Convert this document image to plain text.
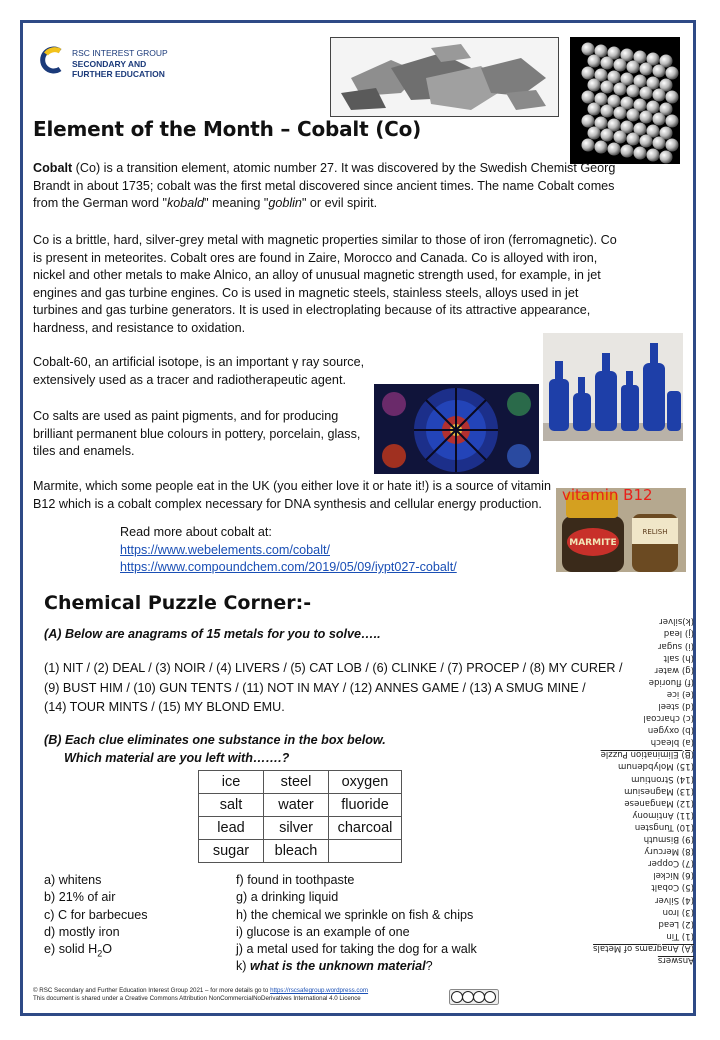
RSC INTEREST GROUP
SECONDARY AND
FURTHER EDUCATION
Element of the Month – Cobalt (Co)

Cobalt (Co) is a transition element, atomic number 27. It was discovered by the Swedish Chemist Georg Brandt in about 1735; cobalt was the first metal discovered since ancient times. The name Cobalt comes from the German word "kobald" meaning "goblin" or evil spirit.

Co is a brittle, hard, silver-grey metal with magnetic properties similar to those of iron (ferromagnetic). Co is present in meteorites. Cobalt ores are found in Zaire, Morocco and Canada. Co is alloyed with iron, nickel and other metals to make Alnico, an alloy of unusual magnetic strength used, for example, in jet engines and gas turbine engines. Co is used in magnetic steels, stainless steels, alloys used in jet turbines and gas turbine generators. It is used in electroplating because of its attractive appearance, hardness, and resistance to oxidation.

Cobalt-60, an artificial isotope, is an important γ ray source, extensively used as a tracer and radiotherapeutic agent.

Co salts are used as paint pigments, and for producing brilliant permanent blue colours in pottery, porcelain, glass, tiles and enamels.

Marmite, which some people eat in the UK (you either love it or hate it!) is a source of vitamin B12 which is a cobalt complex necessary for DNA synthesis and cellular energy production.

MARMITE
RELISH
vitamin B12
Read more about cobalt at:
https://www.webelements.com/cobalt/
https://www.compoundchem.com/2019/05/09/iypt027-cobalt/
Chemical Puzzle Corner:-
(A) Below are anagrams of 15 metals for you to solve…..
(1) NIT / (2) DEAL / (3) NOIR / (4) LIVERS / (5) CAT LOB / (6) CLINKE / (7) PROCEP / (8) MY CURER /
(9) BUST HIM / (10) GUN TENTS / (11) NOT IN MAY / (12) ANNES GAME / (13) A SMUG MINE /
(14) TOUR MINTS / (15) MY BLOND EMU.
(B) Each clue eliminates one substance in the box below.
Which material are you left with…….?
ice	steel	oxygen
salt	water	fluoride
lead	silver	charcoal
sugar	bleach	
a) whitens
b) 21% of air
c) C for barbecues
d) mostly iron
e) solid $H_2O$
f) found in toothpaste
g) a drinking liquid
h) the chemical we sprinkle on fish & chips
i) glucose is an example of one
j) a metal used for taking the dog for a walk
k) what is the unknown material?	Answers
(A) Anagrams of Metals
(1) Tin
(2) Lead
(3) Iron
(4) Silver
(5) Cobalt
(6) Nickel
(7) Copper
(8) Mercury
(9) Bismuth
(10) Tungsten
(11) Antimony
(12) Manganese
(13) Magnesium
(14) Strontium
(15) Molybdenum
(B) Elimination Puzzle
(a) bleach
(b) oxygen
(c) charcoal
(d) steel
(e) ice
(f) fluoride
(g) water
(h) salt
(i) sugar
(j) lead
(k)silver
© RSC Secondary and Further Education Interest Group 2021 – for more details go to https://rscsafegroup.wordpress.com
This document is shared under a Creative Commons Attribution NonCommercialNoDerivatives International 4.0 Licence
